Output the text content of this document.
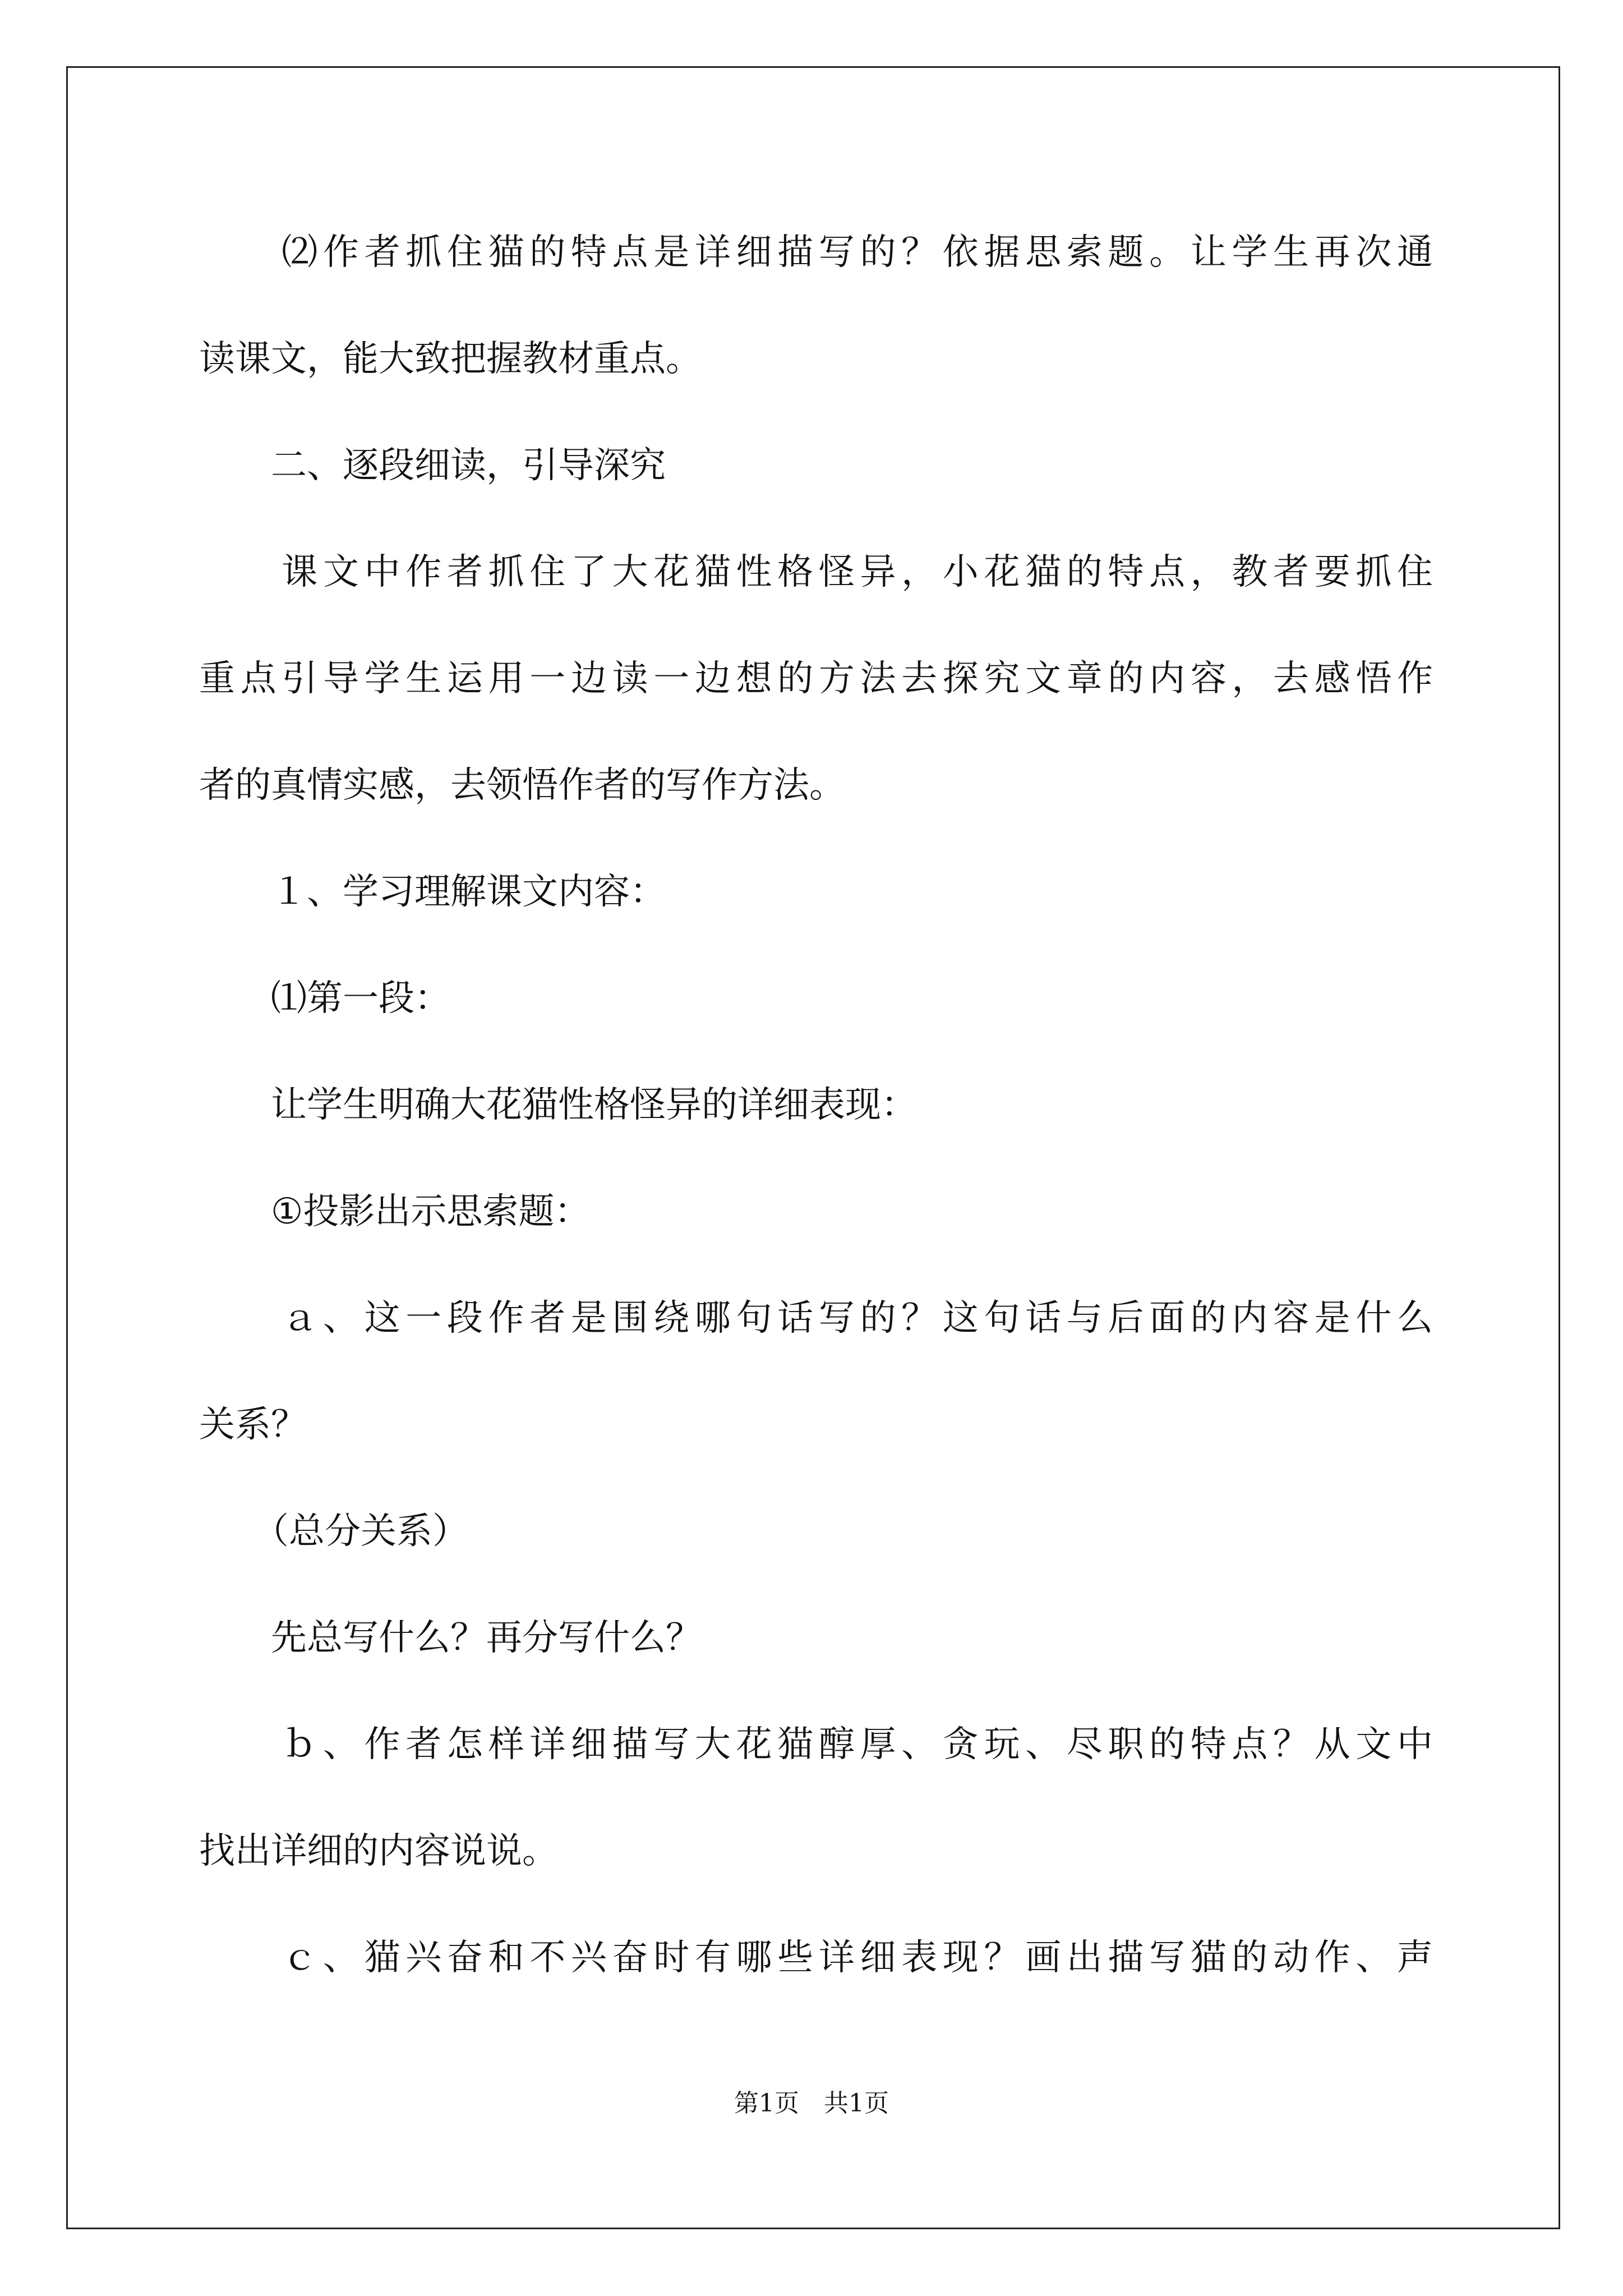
　　⑵作者抓住猫的特点是详细描写的？依据思索题。让学生再次通
读课文，能大致把握教材重点。
　　二、逐段细读，引导深究
　　课文中作者抓住了大花猫性格怪异，小花猫的特点，教者要抓住
重点引导学生运用一边读一边想的方法去探究文章的内容，去感悟作
者的真情实感，去领悟作者的写作方法。
　　１、学习理解课文内容：
　　⑴第一段：
　　让学生明确大花猫性格怪异的详细表现：
　　①投影出示思索题：
　　ａ、这一段作者是围绕哪句话写的？这句话与后面的内容是什么
关系？
　　（总分关系）
　　先总写什么？再分写什么？
　　ｂ、作者怎样详细描写大花猫醇厚、贪玩、尽职的特点？从文中
找出详细的内容说说。
　　ｃ、猫兴奋和不兴奋时有哪些详细表现？画出描写猫的动作、声
第1页　共1页
